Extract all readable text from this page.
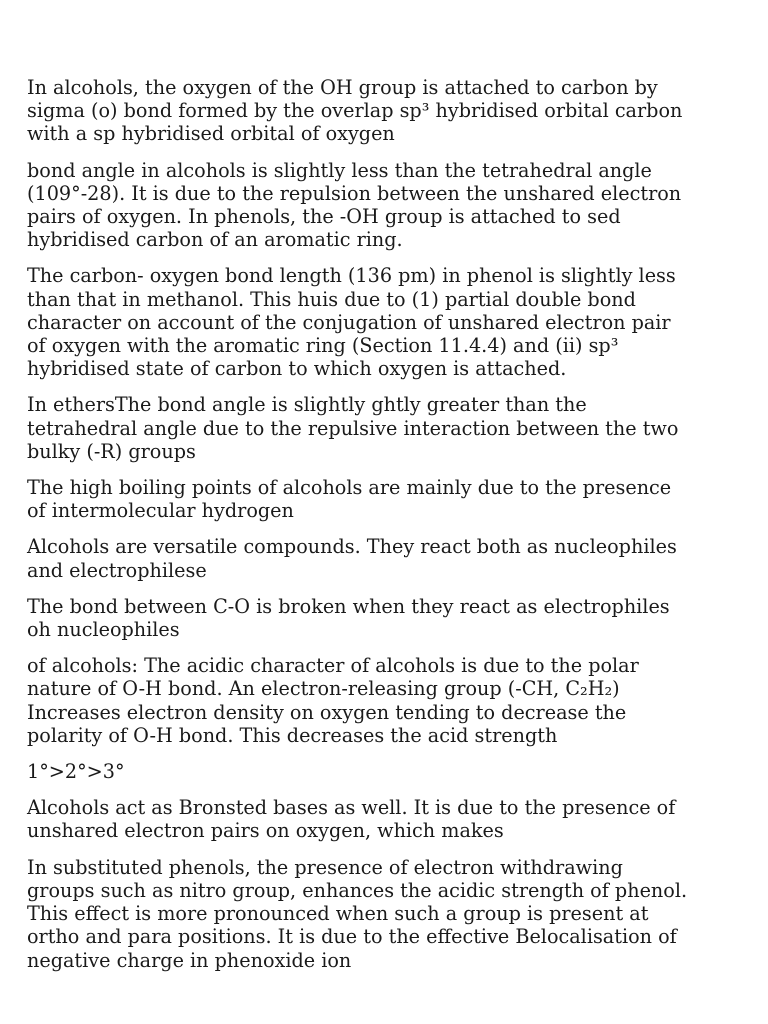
In alcohols, the oxygen of the OH group is attached to carbon by
sigma (o) bond formed by the overlap sp³ hybridised orbital carbon
with a sp hybridised orbital of oxygen

bond angle in alcohols is slightly less than the tetrahedral angle
(109°-28). It is due to the repulsion between the unshared electron
pairs of oxygen. In phenols, the -OH group is attached to sed
hybridised carbon of an aromatic ring.

The carbon- oxygen bond length (136 pm) in phenol is slightly less
than that in methanol. This huis due to (1) partial double bond
character on account of the conjugation of unshared electron pair
of oxygen with the aromatic ring (Section 11.4.4) and (ii) sp³
hybridised state of carbon to which oxygen is attached.

In ethersThe bond angle is slightly ghtly greater than the
tetrahedral angle due to the repulsive interaction between the two
bulky (-R) groups

The high boiling points of alcohols are mainly due to the presence
of intermolecular hydrogen

Alcohols are versatile compounds. They react both as nucleophiles
and electrophilese

The bond between C-O is broken when they react as electrophiles
oh nucleophiles

of alcohols: The acidic character of alcohols is due to the polar
nature of O-H bond. An electron-releasing group (-CH, C₂H₂)
Increases electron density on oxygen tending to decrease the
polarity of O-H bond. This decreases the acid strength

1°>2°>3°

Alcohols act as Bronsted bases as well. It is due to the presence of
unshared electron pairs on oxygen, which makes

In substituted phenols, the presence of electron withdrawing
groups such as nitro group, enhances the acidic strength of phenol.
This effect is more pronounced when such a group is present at
ortho and para positions. It is due to the effective Belocalisation of
negative charge in phenoxide ion
